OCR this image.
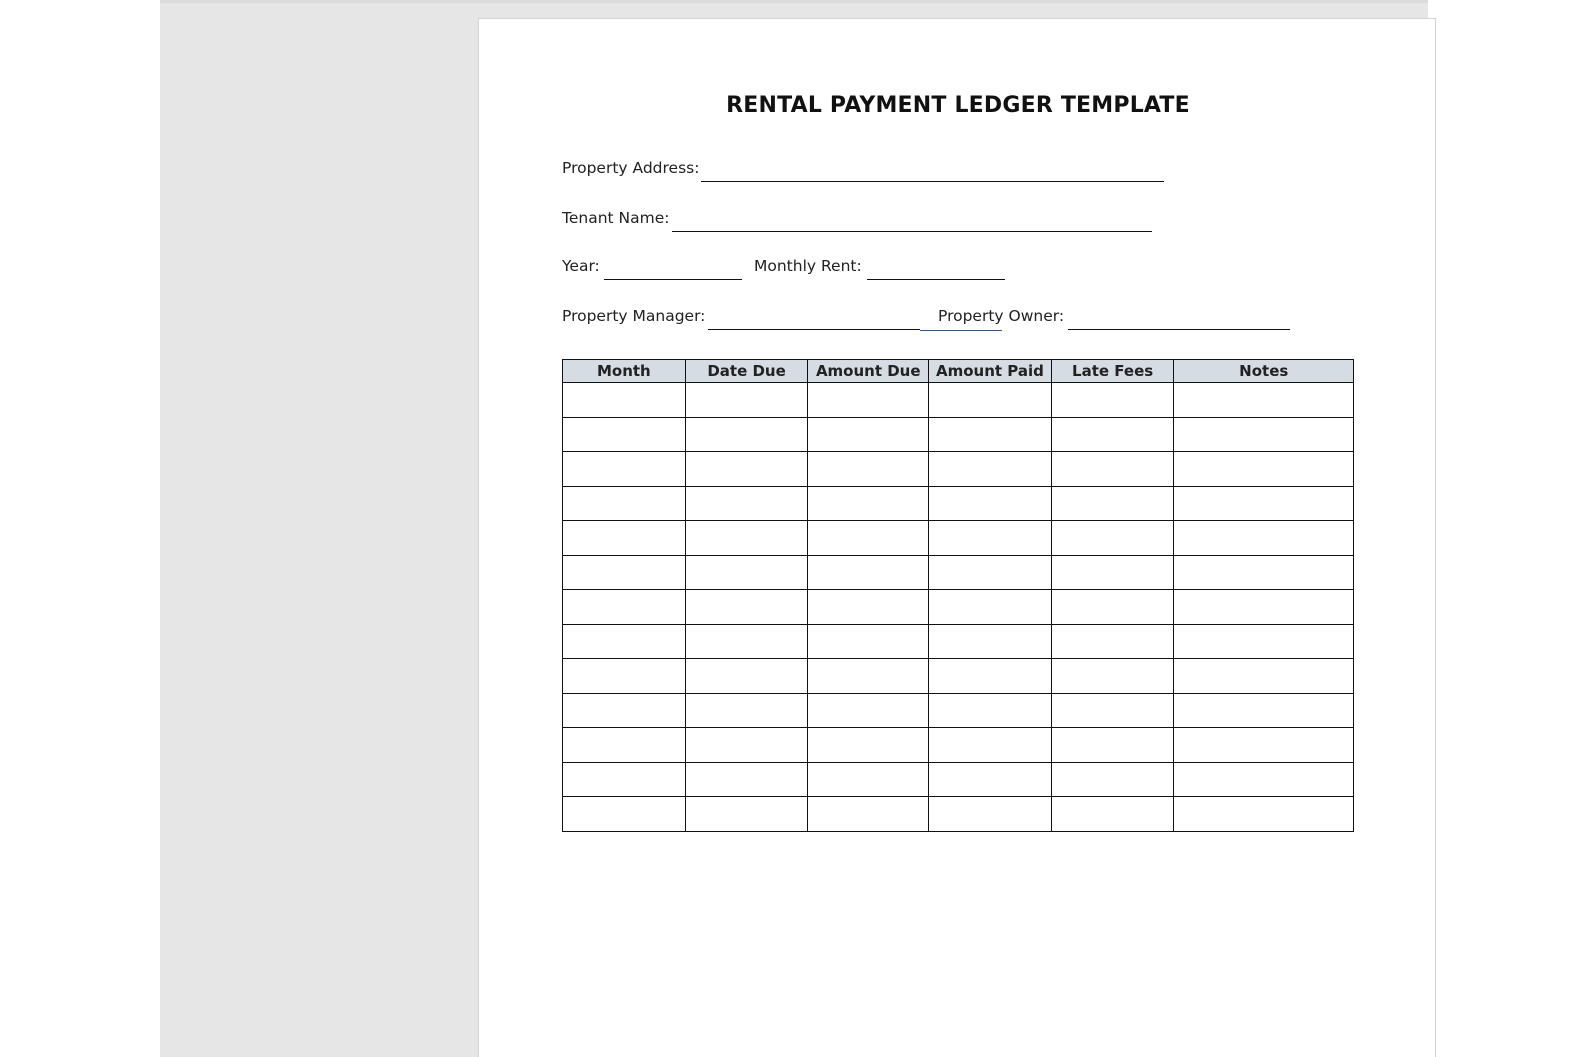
RENTAL PAYMENT LEDGER TEMPLATE
Property Address:
Tenant Name:
Year:	Monthly Rent:
Property Manager:	Property Owner:
Month	Date Due	Amount Due	Amount Paid	Late Fees	Notes
